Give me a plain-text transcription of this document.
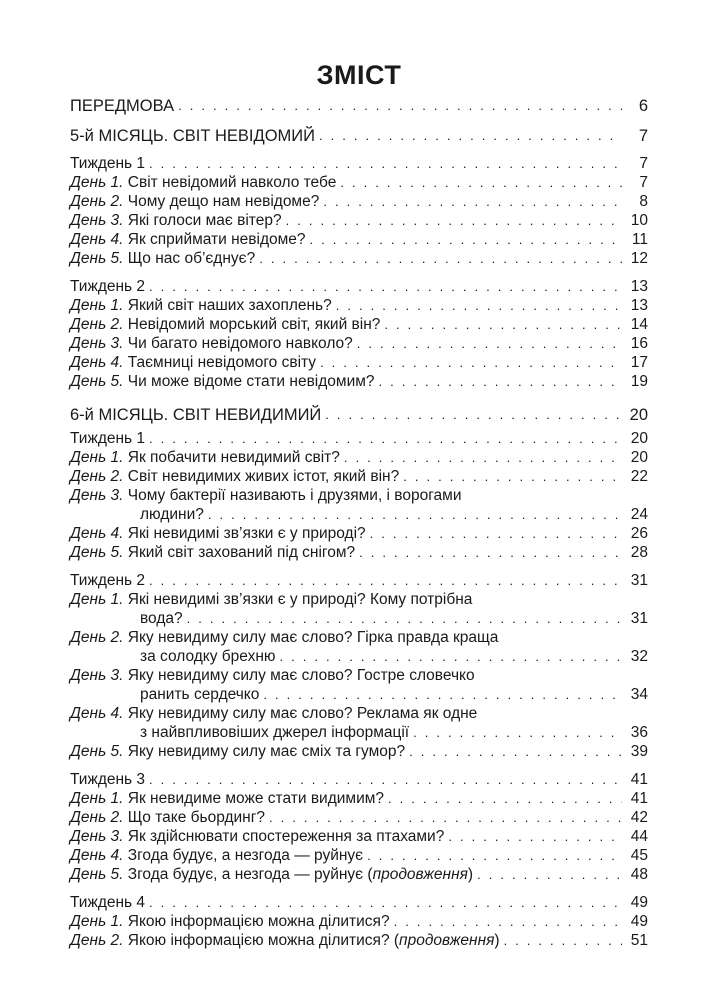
ЗМІСТ
ПЕРЕДМОВА . . .	6
5-й МІСЯЦЬ. СВІТ НЕВІДОМИЙ . . .	7
Тиждень 1 . . .	7
День 1. Світ невідомий навколо тебе . . .	7
День 2. Чому дещо нам невідоме? . . .	8
День 3. Які голоси має вітер? . . .	10
День 4. Як сприймати невідоме? . . .	11
День 5. Що нас об’єднує? . . .	12
Тиждень 2 . . .	13
День 1. Який світ наших захоплень? . . .	13
День 2. Невідомий морський світ, який він? . . .	14
День 3. Чи багато невідомого навколо? . . .	16
День 4. Таємниці невідомого світу . . .	17
День 5. Чи може відоме стати невідомим? . . .	19
6-й МІСЯЦЬ. СВІТ НЕВИДИМИЙ . . .	20
Тиждень 1 . . .	20
День 1. Як побачити невидимий світ? . . .	20
День 2. Світ невидимих живих істот, який він? . . .	22
День 3. Чому бактерії називають і друзями, і ворогами
людини? . . .	24
День 4. Які невидимі зв’язки є у природі? . . .	26
День 5. Який світ захований під снігом? . . .	28
Тиждень 2 . . .	31
День 1. Які невидимі зв’язки є у природі? Кому потрібна
вода? . . .	31
День 2. Яку невидиму силу має слово? Гірка правда краща
за солодку брехню . . .	32
День 3. Яку невидиму силу має слово? Гостре словечко
ранить сердечко . . .	34
День 4. Яку невидиму силу має слово? Реклама як одне
з найвпливовіших джерел інформації . . .	36
День 5. Яку невидиму силу має сміх та гумор? . . .	39
Тиждень 3 . . .	41
День 1. Як невидиме може стати видимим? . . .	41
День 2. Що таке бьординг? . . .	42
День 3. Як здійснювати спостереження за птахами? . . .	44
День 4. Згода будує, а незгода — руйнує . . .	45
День 5. Згода будує, а незгода — руйнує (продовження) . . .	48
Тиждень 4 . . .	49
День 1. Якою інформацією можна ділитися? . . .	49
День 2. Якою інформацією можна ділитися? (продовження) . . .	51
